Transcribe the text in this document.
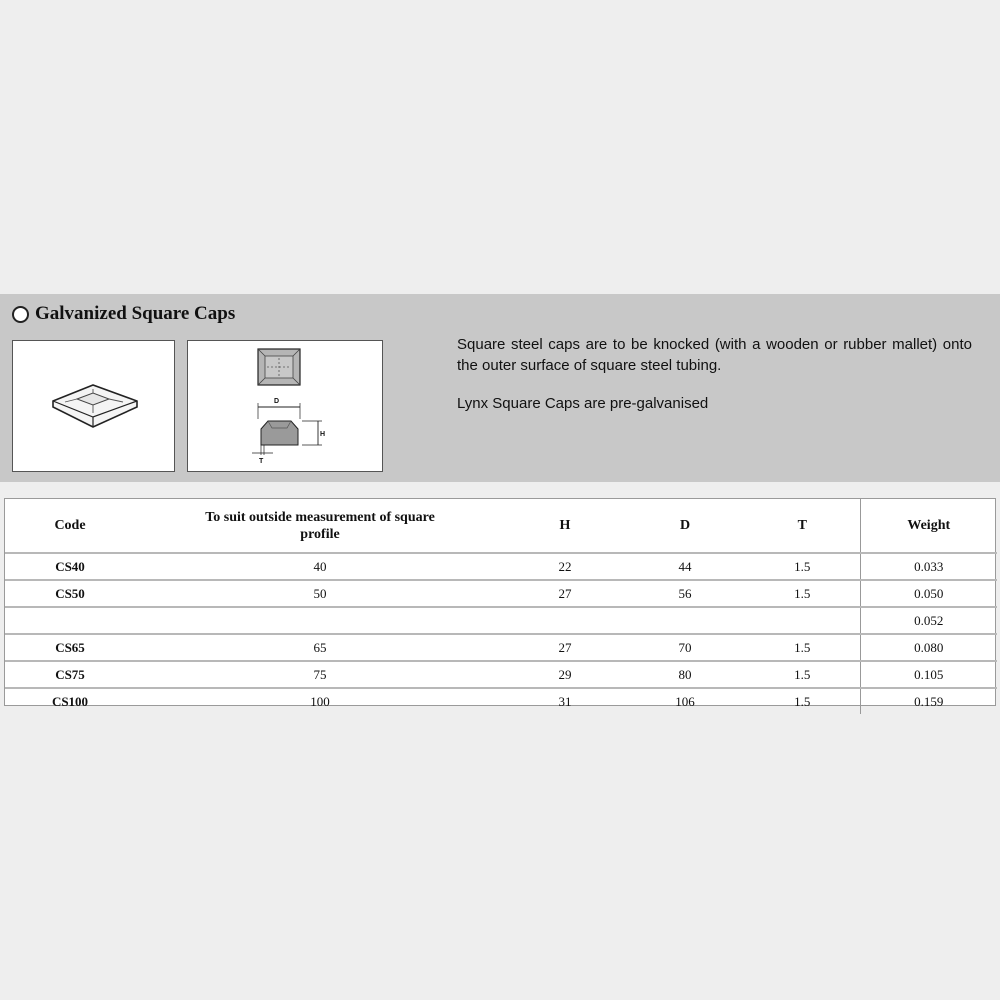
Galvanized Square Caps
D
H
T

Square steel caps are to be knocked (with a wooden or rubber mallet) onto the outer surface of square steel tubing.

Lynx Square Caps are pre-galvanised

Code	To suit outside measurement of square profile	H	D	T	Weight
CS40	40	22	44	1.5	0.033
CS50	50	27	56	1.5	0.050
					0.052
CS65	65	27	70	1.5	0.080
CS75	75	29	80	1.5	0.105
CS100	100	31	106	1.5	0.159
